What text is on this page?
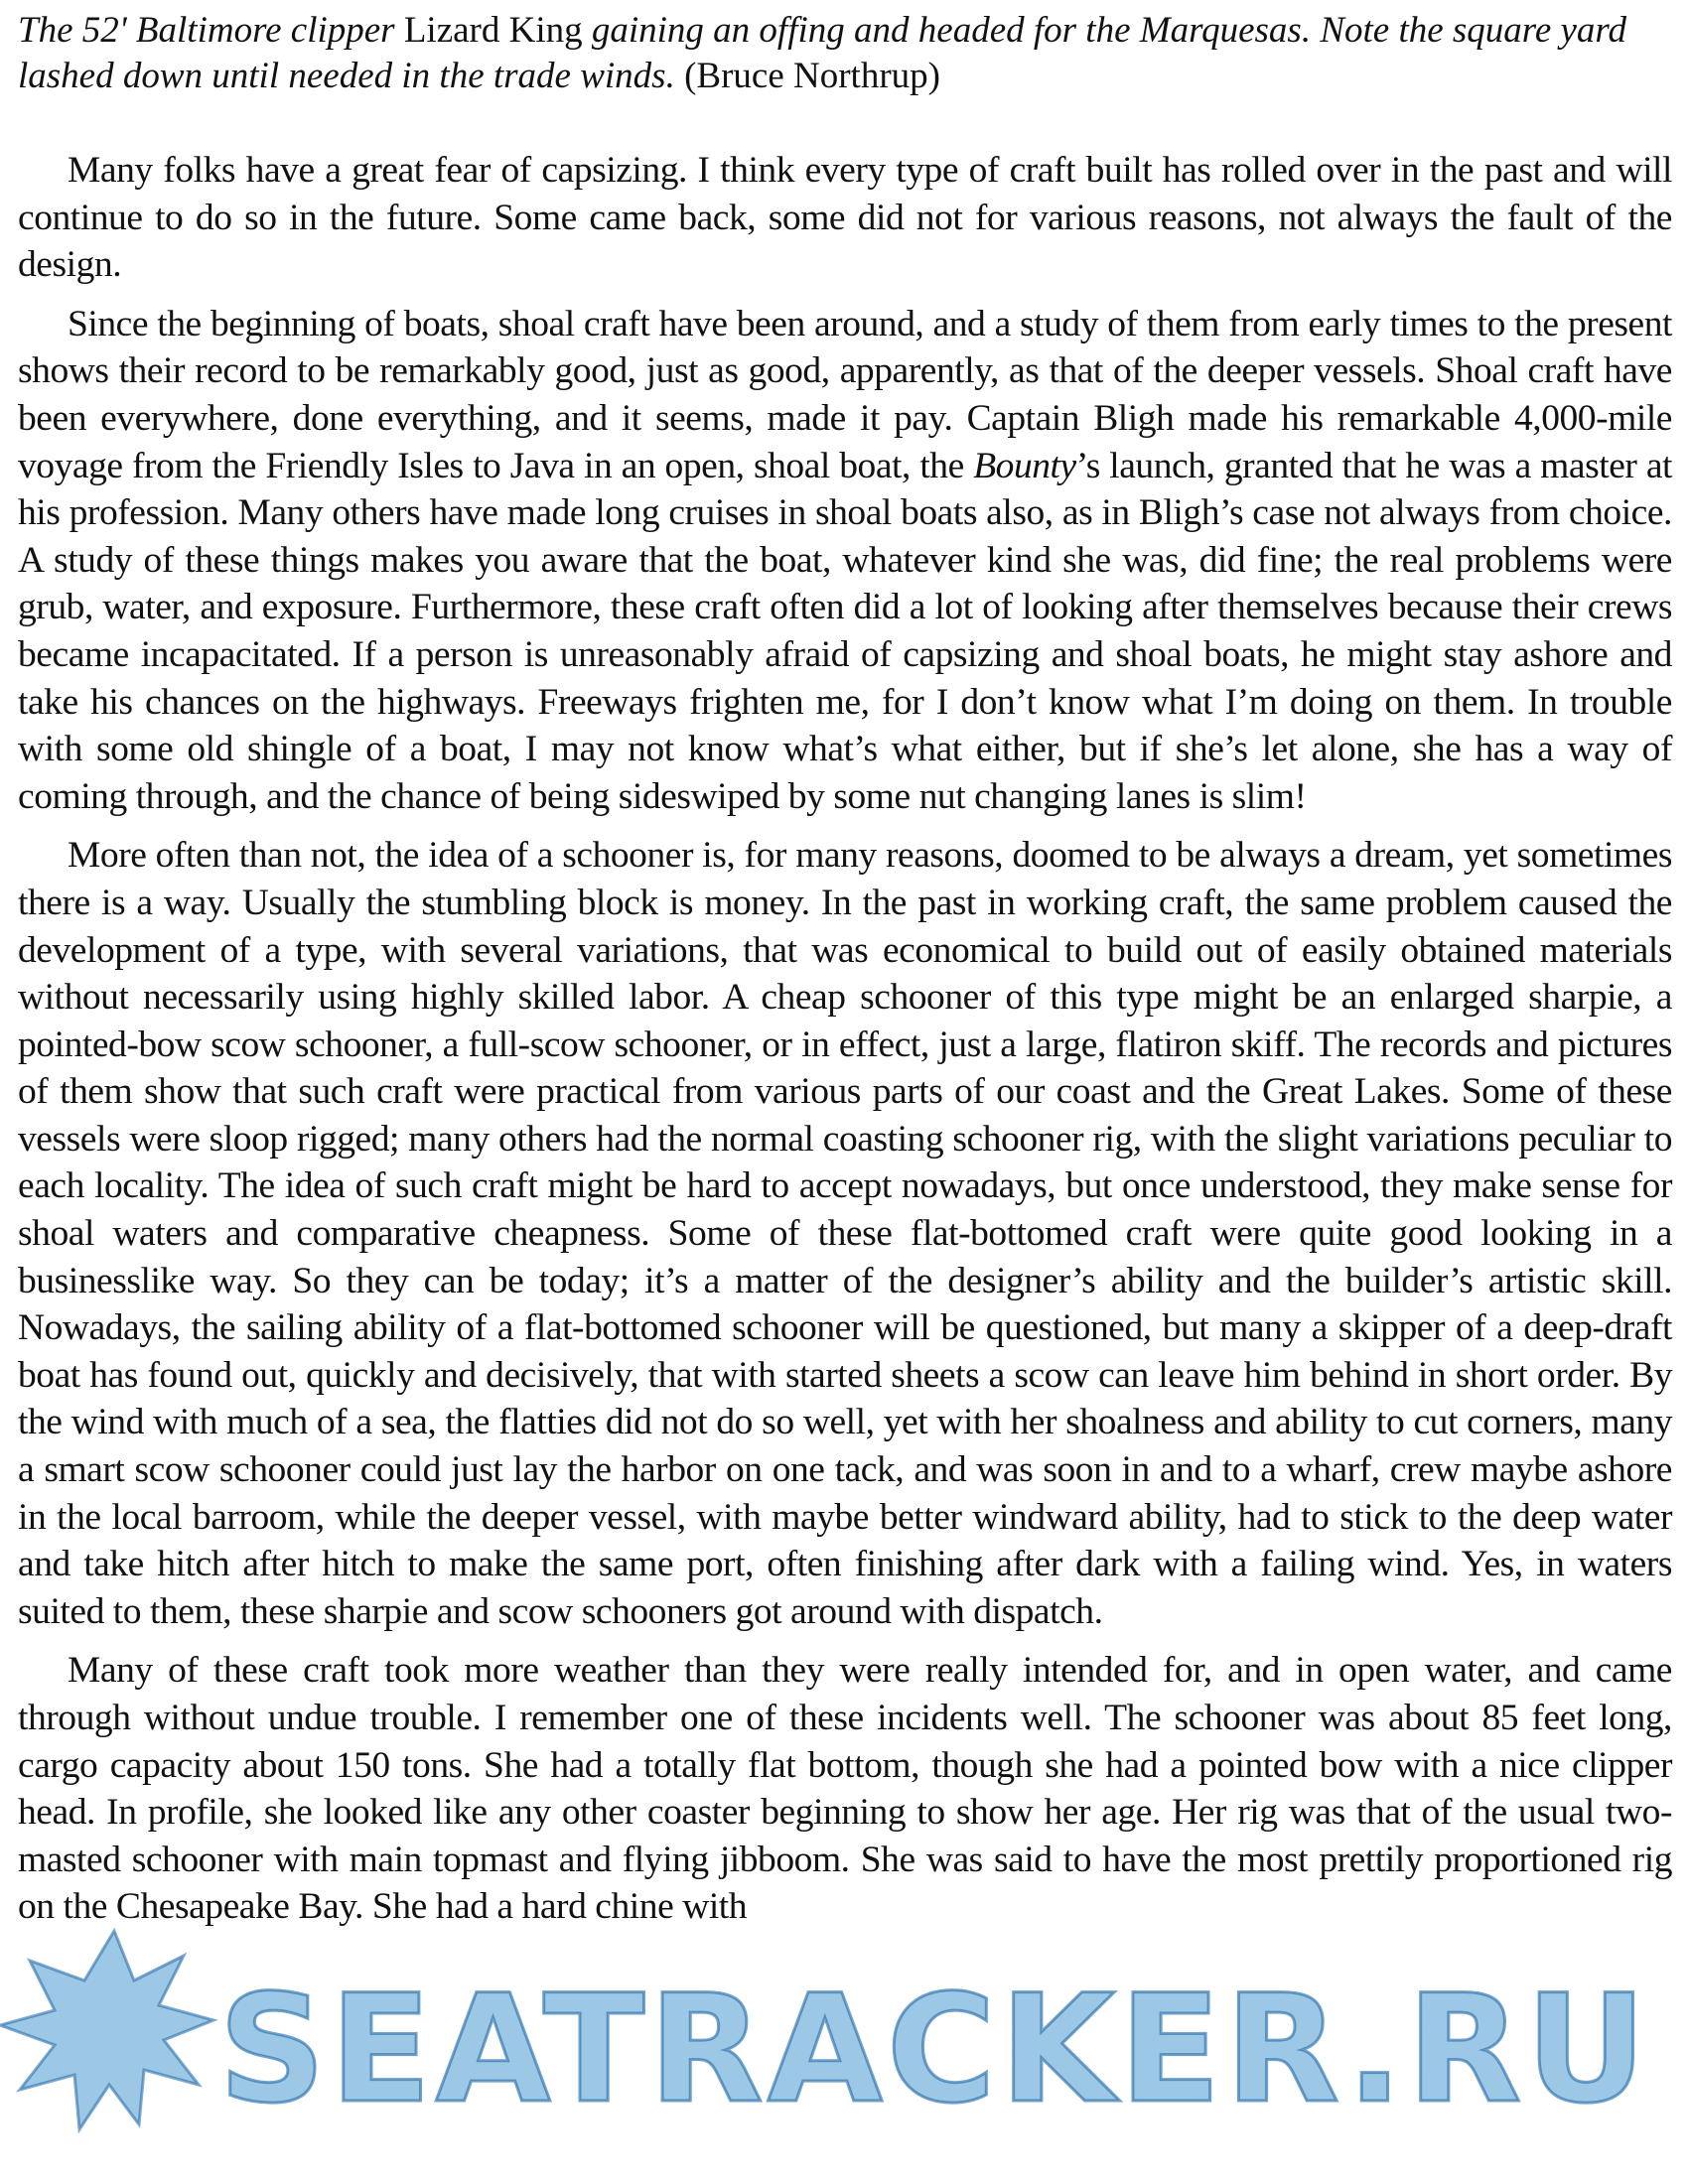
The 52' Baltimore clipper Lizard King gaining an offing and headed for the Marquesas. Note the square yard lashed down until needed in the trade winds. (Bruce Northrup)

Many folks have a great fear of capsizing. I think every type of craft built has rolled over in the past and will continue to do so in the future. Some came back, some did not for various reasons, not always the fault of the design.

Since the beginning of boats, shoal craft have been around, and a study of them from early times to the present shows their record to be remarkably good, just as good, apparently, as that of the deeper vessels. Shoal craft have been everywhere, done everything, and it seems, made it pay. Captain Bligh made his remarkable 4,000-mile voyage from the Friendly Isles to Java in an open, shoal boat, the Bounty’s launch, granted that he was a master at his profession. Many others have made long cruises in shoal boats also, as in Bligh’s case not always from choice. A study of these things makes you aware that the boat, whatever kind she was, did fine; the real problems were grub, water, and exposure. Furthermore, these craft often did a lot of looking after themselves because their crews became incapacitated. If a person is unreasonably afraid of capsizing and shoal boats, he might stay ashore and take his chances on the highways. Freeways frighten me, for I don’t know what I’m doing on them. In trouble with some old shingle of a boat, I may not know what’s what either, but if she’s let alone, she has a way of coming through, and the chance of being sideswiped by some nut changing lanes is slim!

More often than not, the idea of a schooner is, for many reasons, doomed to be always a dream, yet sometimes there is a way. Usually the stumbling block is money. In the past in working craft, the same problem caused the development of a type, with several variations, that was economical to build out of easily obtained materials without necessarily using highly skilled labor. A cheap schooner of this type might be an enlarged sharpie, a pointed-bow scow schooner, a full-scow schooner, or in effect, just a large, flatiron skiff. The records and pictures of them show that such craft were practical from various parts of our coast and the Great Lakes. Some of these vessels were sloop rigged; many others had the normal coasting schooner rig, with the slight variations peculiar to each locality. The idea of such craft might be hard to accept nowadays, but once understood, they make sense for shoal waters and comparative cheapness. Some of these flat-bottomed craft were quite good looking in a businesslike way. So they can be today; it’s a matter of the designer’s ability and the builder’s artistic skill. Nowadays, the sailing ability of a flat-bottomed schooner will be questioned, but many a skipper of a deep-draft boat has found out, quickly and decisively, that with started sheets a scow can leave him behind in short order. By the wind with much of a sea, the flatties did not do so well, yet with her shoalness and ability to cut corners, many a smart scow schooner could just lay the harbor on one tack, and was soon in and to a wharf, crew maybe ashore in the local barroom, while the deeper vessel, with maybe better windward ability, had to stick to the deep water and take hitch after hitch to make the same port, often finishing after dark with a failing wind. Yes, in waters suited to them, these sharpie and scow schooners got around with dispatch.

Many of these craft took more weather than they were really intended for, and in open water, and came through without undue trouble. I remember one of these incidents well. The schooner was about 85 feet long, cargo capacity about 150 tons. She had a totally flat bottom, though she had a pointed bow with a nice clipper head. In profile, she looked like any other coaster beginning to show her age. Her rig was that of the usual two-masted schooner with main topmast and flying jibboom. She was said to have the most prettily proportioned rig on the Chesapeake Bay. She had a hard chine with

SEATRACKER.RU
